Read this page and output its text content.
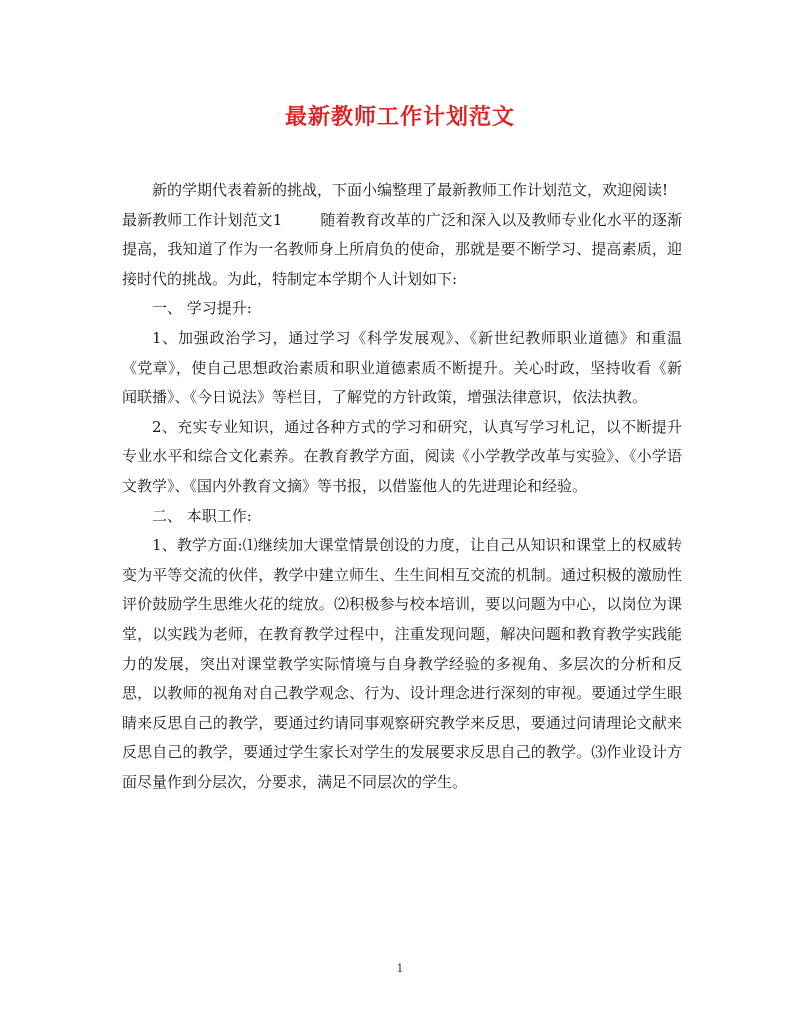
最新教师工作计划范文

新的学期代表着新的挑战，下面小编整理了最新教师工作计划范文，欢迎阅读!

最新教师工作计划范文1	随着教育改革的广泛和深入以及教师专业化水平的逐渐提高，我知道了作为一名教师身上所肩负的使命，那就是要不断学习、提高素质，迎接时代的挑战。为此，特制定本学期个人计划如下:

一、 学习提升:

1、加强政治学习，通过学习《科学发展观》、《新世纪教师职业道德》和重温《党章》，使自己思想政治素质和职业道德素质不断提升。关心时政，坚持收看《新闻联播》、《今日说法》等栏目，了解党的方针政策，增强法律意识，依法执教。

2、充实专业知识，通过各种方式的学习和研究，认真写学习札记，以不断提升专业水平和综合文化素养。在教育教学方面，阅读《小学教学改革与实验》、《小学语文教学》、《国内外教育文摘》等书报，以借鉴他人的先进理论和经验。

二、 本职工作:

1、教学方面:⑴继续加大课堂情景创设的力度，让自己从知识和课堂上的权威转变为平等交流的伙伴，教学中建立师生、生生间相互交流的机制。通过积极的激励性评价鼓励学生思维火花的绽放。⑵积极参与校本培训，要以问题为中心，以岗位为课堂，以实践为老师，在教育教学过程中，注重发现问题，解决问题和教育教学实践能力的发展，突出对课堂教学实际情境与自身教学经验的多视角、多层次的分析和反思，以教师的视角对自己教学观念、行为、设计理念进行深刻的审视。要通过学生眼睛来反思自己的教学，要通过约请同事观察研究教学来反思，要通过问请理论文献来反思自己的教学，要通过学生家长对学生的发展要求反思自己的教学。⑶作业设计方面尽量作到分层次，分要求，满足不同层次的学生。

1
